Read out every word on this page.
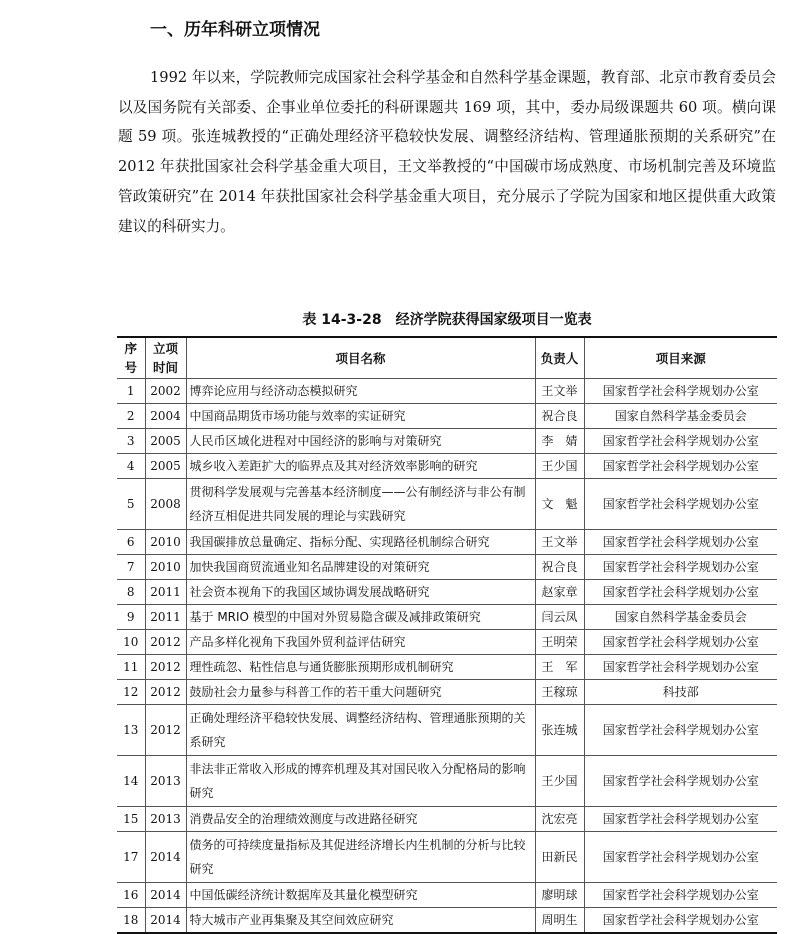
一、历年科研立项情况

1992 年以来，学院教师完成国家社会科学基金和自然科学基金课题，教育部、北京市教育委员会以及国务院有关部委、企事业单位委托的科研课题共 169 项，其中，委办局级课题共 60 项。横向课题 59 项。张连城教授的“正确处理经济平稳较快发展、调整经济结构、管理通胀预期的关系研究”在 2012 年获批国家社会科学基金重大项目，王文举教授的“中国碳市场成熟度、市场机制完善及环境监管政策研究”在 2014 年获批国家社会科学基金重大项目，充分展示了学院为国家和地区提供重大政策建议的科研实力。

表 14-3-28　经济学院获得国家级项目一览表
序号	立项时间	项目名称	负责人	项目来源
1	2002	博弈论应用与经济动态模拟研究	王文举	国家哲学社会科学规划办公室
2	2004	中国商品期货市场功能与效率的实证研究	祝合良	国家自然科学基金委员会
3	2005	人民币区域化进程对中国经济的影响与对策研究	李　婧	国家哲学社会科学规划办公室
4	2005	城乡收入差距扩大的临界点及其对经济效率影响的研究	王少国	国家哲学社会科学规划办公室
5	2008	贯彻科学发展观与完善基本经济制度——公有制经济与非公有制经济互相促进共同发展的理论与实践研究	文　魁	国家哲学社会科学规划办公室
6	2010	我国碳排放总量确定、指标分配、实现路径机制综合研究	王文举	国家哲学社会科学规划办公室
7	2010	加快我国商贸流通业知名品牌建设的对策研究	祝合良	国家哲学社会科学规划办公室
8	2011	社会资本视角下的我国区域协调发展战略研究	赵家章	国家哲学社会科学规划办公室
9	2011	基于 MRIO 模型的中国对外贸易隐含碳及减排政策研究	闫云凤	国家自然科学基金委员会
10	2012	产品多样化视角下我国外贸利益评估研究	王明荣	国家哲学社会科学规划办公室
11	2012	理性疏忽、粘性信息与通货膨胀预期形成机制研究	王　军	国家哲学社会科学规划办公室
12	2012	鼓励社会力量参与科普工作的若干重大问题研究	王稼琼	科技部
13	2012	正确处理经济平稳较快发展、调整经济结构、管理通胀预期的关系研究	张连城	国家哲学社会科学规划办公室
14	2013	非法非正常收入形成的博弈机理及其对国民收入分配格局的影响研究	王少国	国家哲学社会科学规划办公室
15	2013	消费品安全的治理绩效测度与改进路径研究	沈宏亮	国家哲学社会科学规划办公室
17	2014	债务的可持续度量指标及其促进经济增长内生机制的分析与比较研究	田新民	国家哲学社会科学规划办公室
16	2014	中国低碳经济统计数据库及其量化模型研究	廖明球	国家哲学社会科学规划办公室
18	2014	特大城市产业再集聚及其空间效应研究	周明生	国家哲学社会科学规划办公室
